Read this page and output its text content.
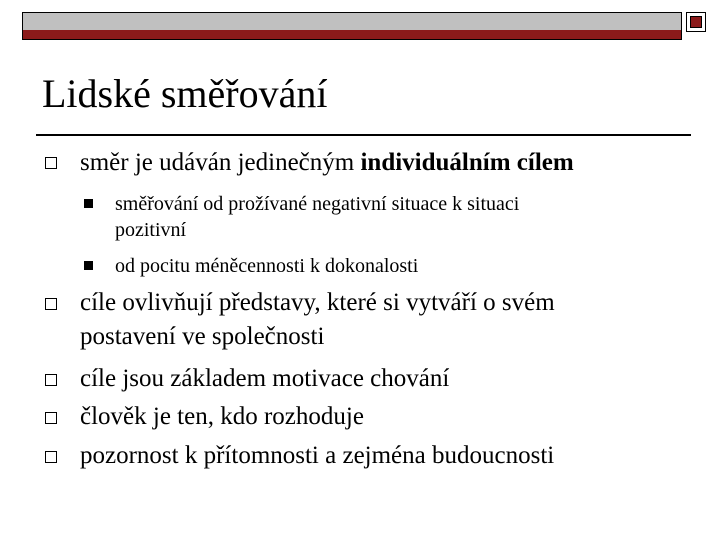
Lidské směřování
směr je udáván jedinečným individuálním cílem
směřování od prožívané negativní situace k situaci
pozitivní
od pocitu méněcennosti k dokonalosti
cíle ovlivňují představy, které si vytváří o svém
postavení ve společnosti
cíle jsou základem motivace chování
člověk je ten, kdo rozhoduje
pozornost k přítomnosti a zejména budoucnosti
